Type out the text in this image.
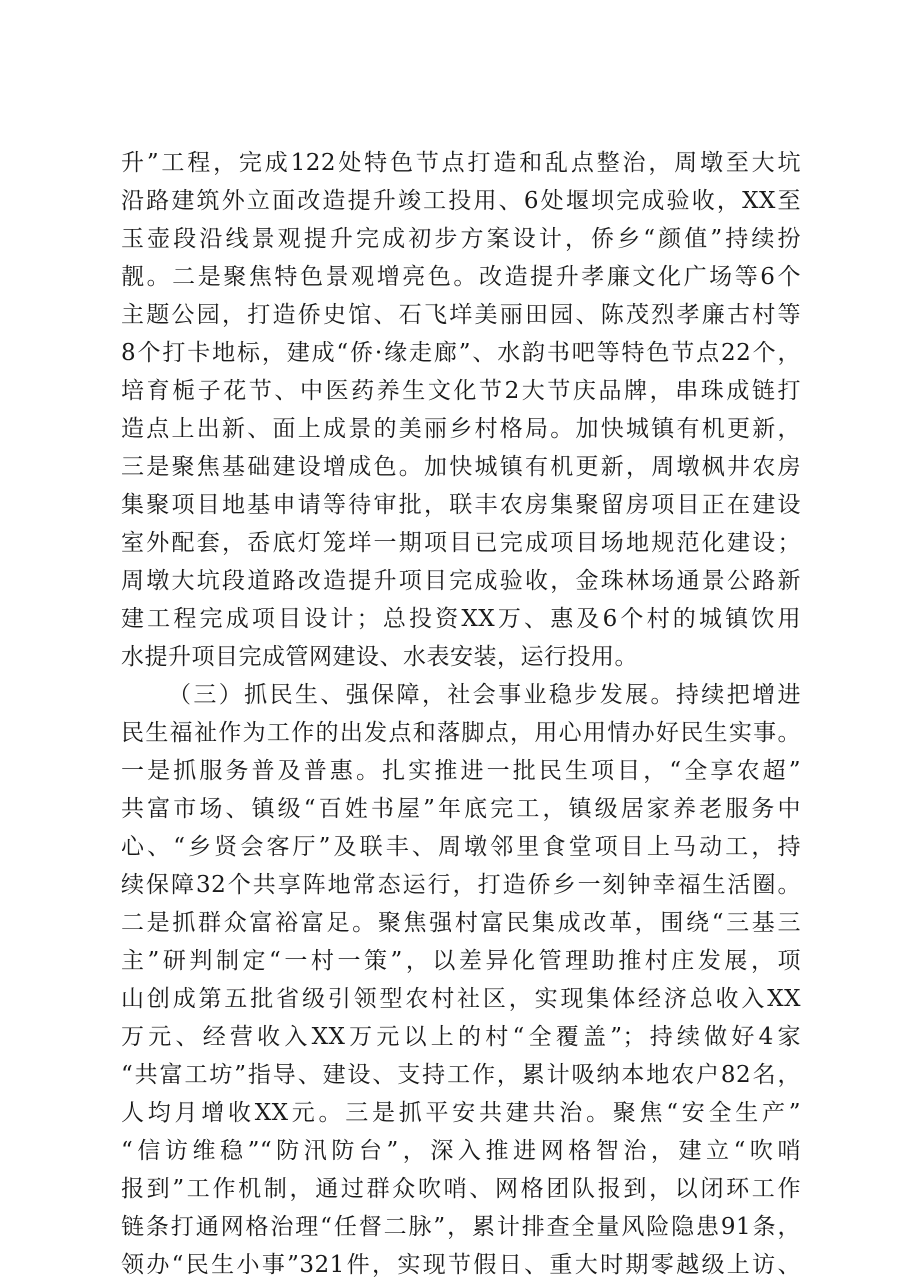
升”工程，完成122处特色节点打造和乱点整治，周墩至大坑
沿路建筑外立面改造提升竣工投用、6处堰坝完成验收，XX至
玉壶段沿线景观提升完成初步方案设计，侨乡“颜值”持续扮
靓。二是聚焦特色景观增亮色。改造提升孝廉文化广场等6个
主题公园，打造侨史馆、石飞垟美丽田园、陈茂烈孝廉古村等
8个打卡地标，建成“侨·缘走廊”、水韵书吧等特色节点22个，
培育栀子花节、中医药养生文化节2大节庆品牌，串珠成链打
造点上出新、面上成景的美丽乡村格局。加快城镇有机更新，
三是聚焦基础建设增成色。加快城镇有机更新，周墩枫井农房
集聚项目地基申请等待审批，联丰农房集聚留房项目正在建设
室外配套，岙底灯笼垟一期项目已完成项目场地规范化建设；
周墩大坑段道路改造提升项目完成验收，金珠林场通景公路新
建工程完成项目设计；总投资XX万、惠及6个村的城镇饮用
水提升项目完成管网建设、水表安装，运行投用。
（三）抓民生、强保障，社会事业稳步发展。持续把增进
民生福祉作为工作的出发点和落脚点，用心用情办好民生实事。
一是抓服务普及普惠。扎实推进一批民生项目，“全享农超”
共富市场、镇级“百姓书屋”年底完工，镇级居家养老服务中
心、“乡贤会客厅”及联丰、周墩邻里食堂项目上马动工，持
续保障32个共享阵地常态运行，打造侨乡一刻钟幸福生活圈。
二是抓群众富裕富足。聚焦强村富民集成改革，围绕“三基三
主”研判制定“一村一策”，以差异化管理助推村庄发展，项
山创成第五批省级引领型农村社区，实现集体经济总收入XX
万元、经营收入XX万元以上的村“全覆盖”；持续做好4家
“共富工坊”指导、建设、支持工作，累计吸纳本地农户82名，
人均月增收XX元。三是抓平安共建共治。聚焦“安全生产”
“信访维稳”“防汛防台”，深入推进网格智治，建立“吹哨
报到”工作机制，通过群众吹哨、网格团队报到，以闭环工作
链条打通网格治理“任督二脉”，累计排查全量风险隐患91条，
领办“民生小事”321件，实现节假日、重大时期零越级上访、
